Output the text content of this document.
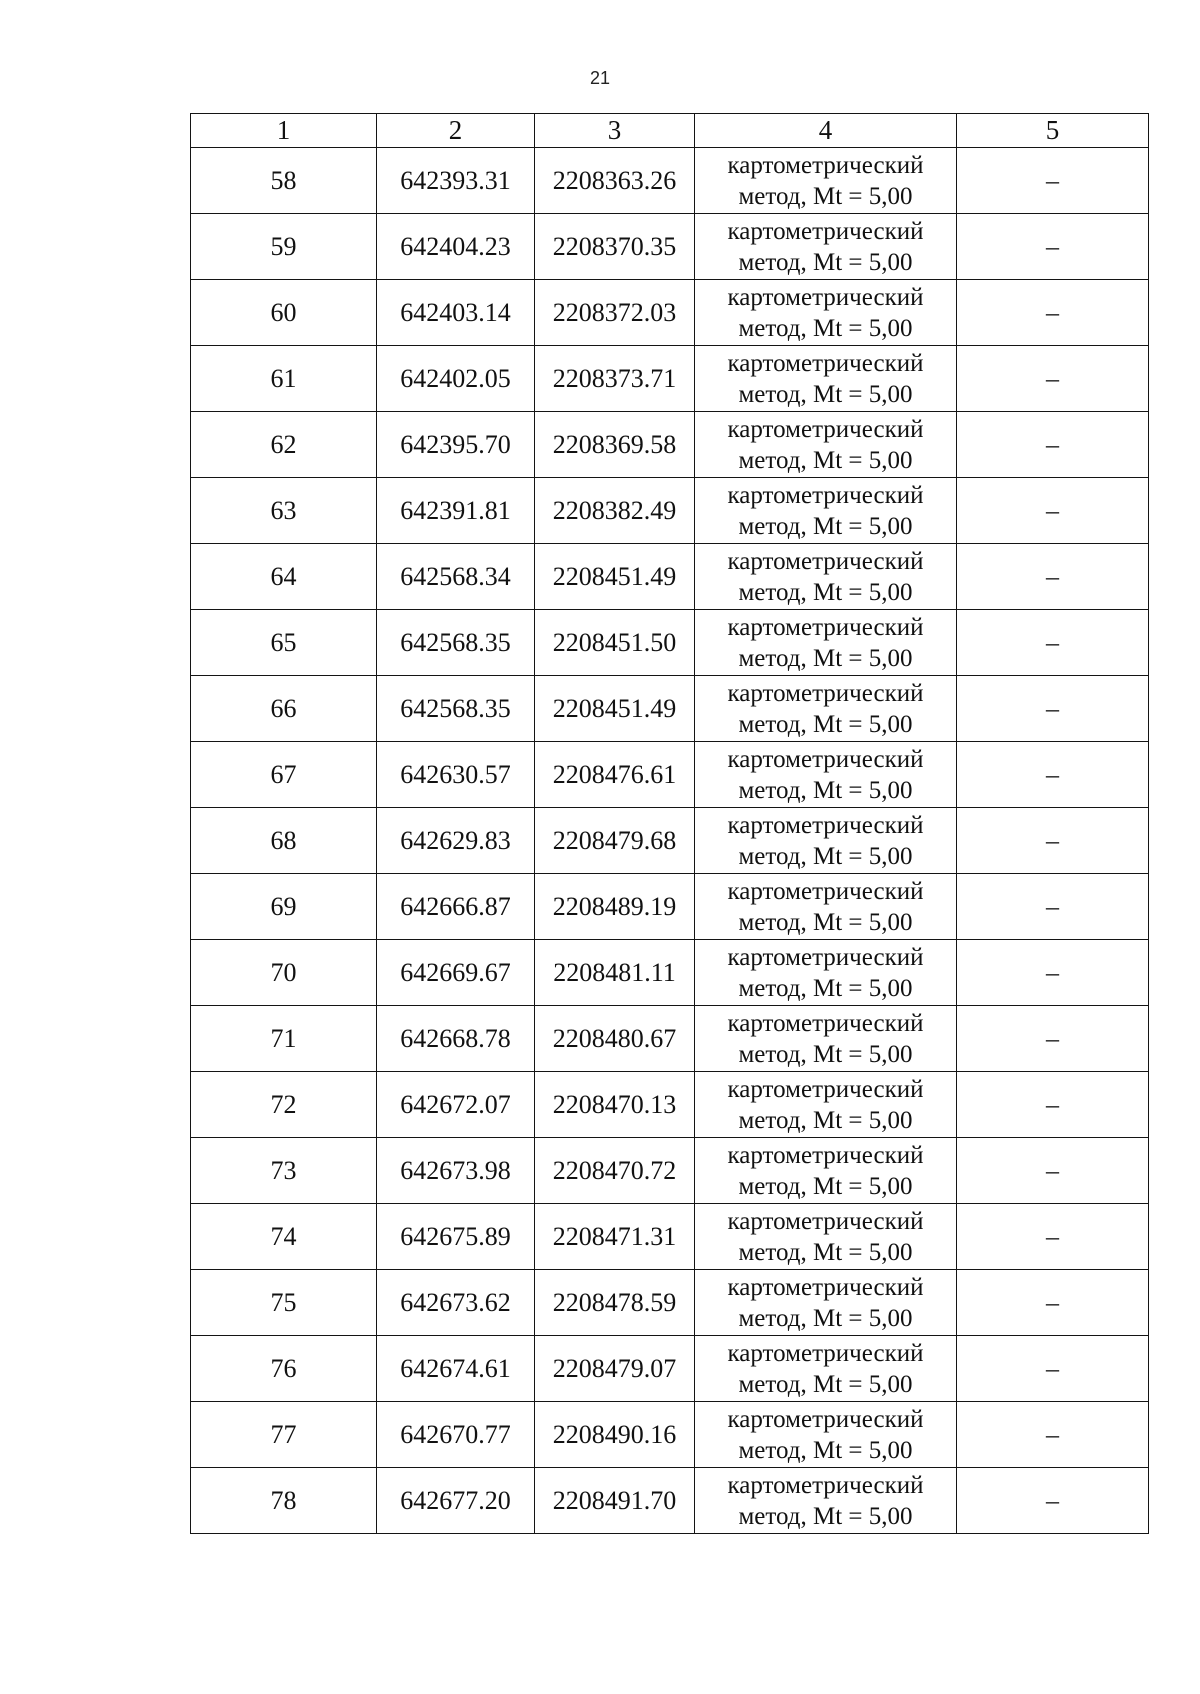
21
1	2	3	4	5
58	642393.31	2208363.26	картометрический
метод, Mt = 5,00	–
59	642404.23	2208370.35	картометрический
метод, Mt = 5,00	–
60	642403.14	2208372.03	картометрический
метод, Mt = 5,00	–
61	642402.05	2208373.71	картометрический
метод, Mt = 5,00	–
62	642395.70	2208369.58	картометрический
метод, Mt = 5,00	–
63	642391.81	2208382.49	картометрический
метод, Mt = 5,00	–
64	642568.34	2208451.49	картометрический
метод, Mt = 5,00	–
65	642568.35	2208451.50	картометрический
метод, Mt = 5,00	–
66	642568.35	2208451.49	картометрический
метод, Mt = 5,00	–
67	642630.57	2208476.61	картометрический
метод, Mt = 5,00	–
68	642629.83	2208479.68	картометрический
метод, Mt = 5,00	–
69	642666.87	2208489.19	картометрический
метод, Mt = 5,00	–
70	642669.67	2208481.11	картометрический
метод, Mt = 5,00	–
71	642668.78	2208480.67	картометрический
метод, Mt = 5,00	–
72	642672.07	2208470.13	картометрический
метод, Mt = 5,00	–
73	642673.98	2208470.72	картометрический
метод, Mt = 5,00	–
74	642675.89	2208471.31	картометрический
метод, Mt = 5,00	–
75	642673.62	2208478.59	картометрический
метод, Mt = 5,00	–
76	642674.61	2208479.07	картометрический
метод, Mt = 5,00	–
77	642670.77	2208490.16	картометрический
метод, Mt = 5,00	–
78	642677.20	2208491.70	картометрический
метод, Mt = 5,00	–
